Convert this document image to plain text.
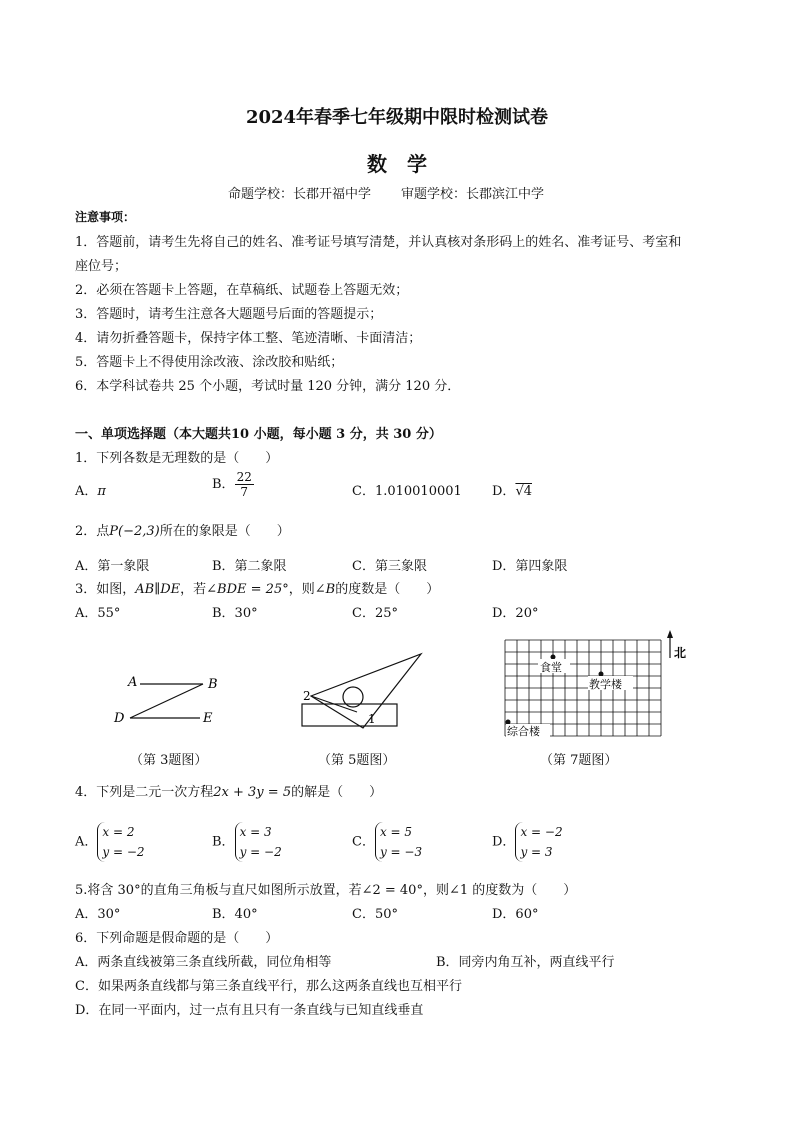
2024年春季七年级期中限时检测试卷
数学
命题学校：长郡开福中学 审题学校：长郡滨江中学
注意事项：
1．答题前，请考生先将自己的姓名、准考证号填写清楚，并认真核对条形码上的姓名、准考证号、考室和
座位号；
2．必须在答题卡上答题，在草稿纸、试题卷上答题无效；
3．答题时，请考生注意各大题题号后面的答题提示；
4．请勿折叠答题卡，保持字体工整、笔迹清晰、卡面清洁；
5．答题卡上不得使用涂改液、涂改胶和贴纸；
6．本学科试卷共 25 个小题，考试时量 120 分钟，满分 120 分．
一、单项选择题（本大题共10 小题，每小题 3 分，共 30 分）
1．下列各数是无理数的是（　　）
A．π	B． $\frac{22}{7}$	C．1.010010001 D．√4
2．点P(−2,3)所在的象限是（　　）
A．第一象限	B．第二象限	C．第三象限	D．第四象限
3．如图，AB∥DE，若∠BDE = 25°，则∠B的度数是（　　）
A．55°	B．30°	C．25°	D．20°
A	B
D	E
（第 3题图）
2
1
（第 5题图）
北
食堂
教学楼
综合楼
（第 7题图）
4．下列是二元一次方程2x + 3y = 5的解是（　　）
A．
x = 2
y = −2
B．
x = 3
y = −2
C．
x = 5
y = −3
D．
x = −2
y = 3
5.将含 30°的直角三角板与直尺如图所示放置，若∠2 = 40°，则∠1 的度数为（　　）
A．30°	B．40°	C．50°	D．60°
6．下列命题是假命题的是（　　）
A．两条直线被第三条直线所截，同位角相等	B．同旁内角互补，两直线平行
C．如果两条直线都与第三条直线平行，那么这两条直线也互相平行
D．在同一平面内，过一点有且只有一条直线与已知直线垂直
